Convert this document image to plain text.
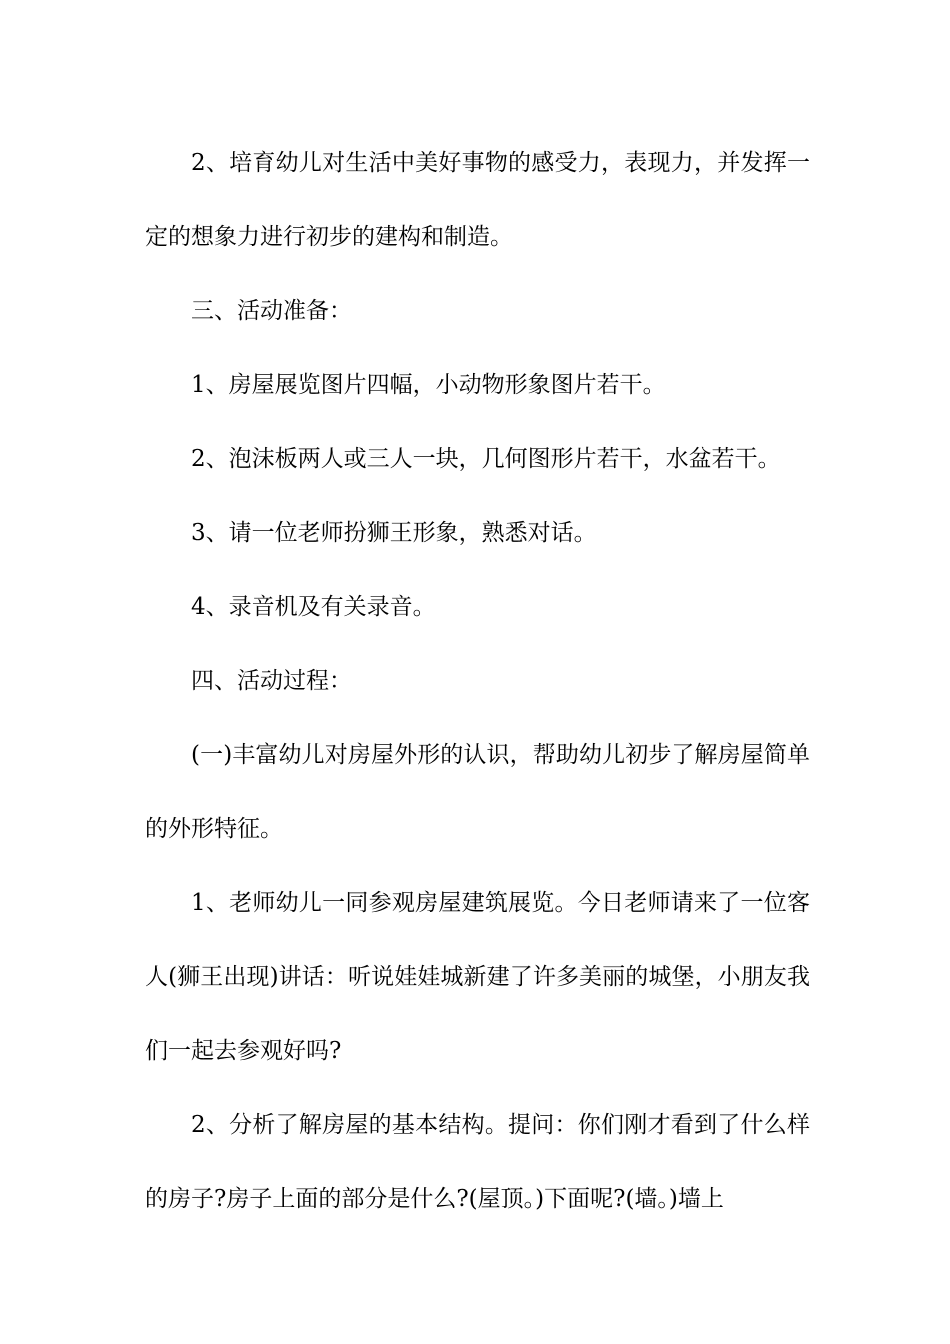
2、培育幼儿对生活中美好事物的感受力，表现力，并发挥一定的想象力进行初步的建构和制造。

三、活动准备：

1、房屋展览图片四幅，小动物形象图片若干。

2、泡沫板两人或三人一块，几何图形片若干，水盆若干。

3、请一位老师扮狮王形象，熟悉对话。

4、录音机及有关录音。

四、活动过程：

(一)丰富幼儿对房屋外形的认识，帮助幼儿初步了解房屋简单的外形特征。

1、老师幼儿一同参观房屋建筑展览。今日老师请来了一位客人(狮王出现)讲话：听说娃娃城新建了许多美丽的城堡，小朋友我们一起去参观好吗?

2、分析了解房屋的基本结构。提问：你们刚才看到了什么样的房子?房子上面的部分是什么?(屋顶。)下面呢?(墙。)墙上
